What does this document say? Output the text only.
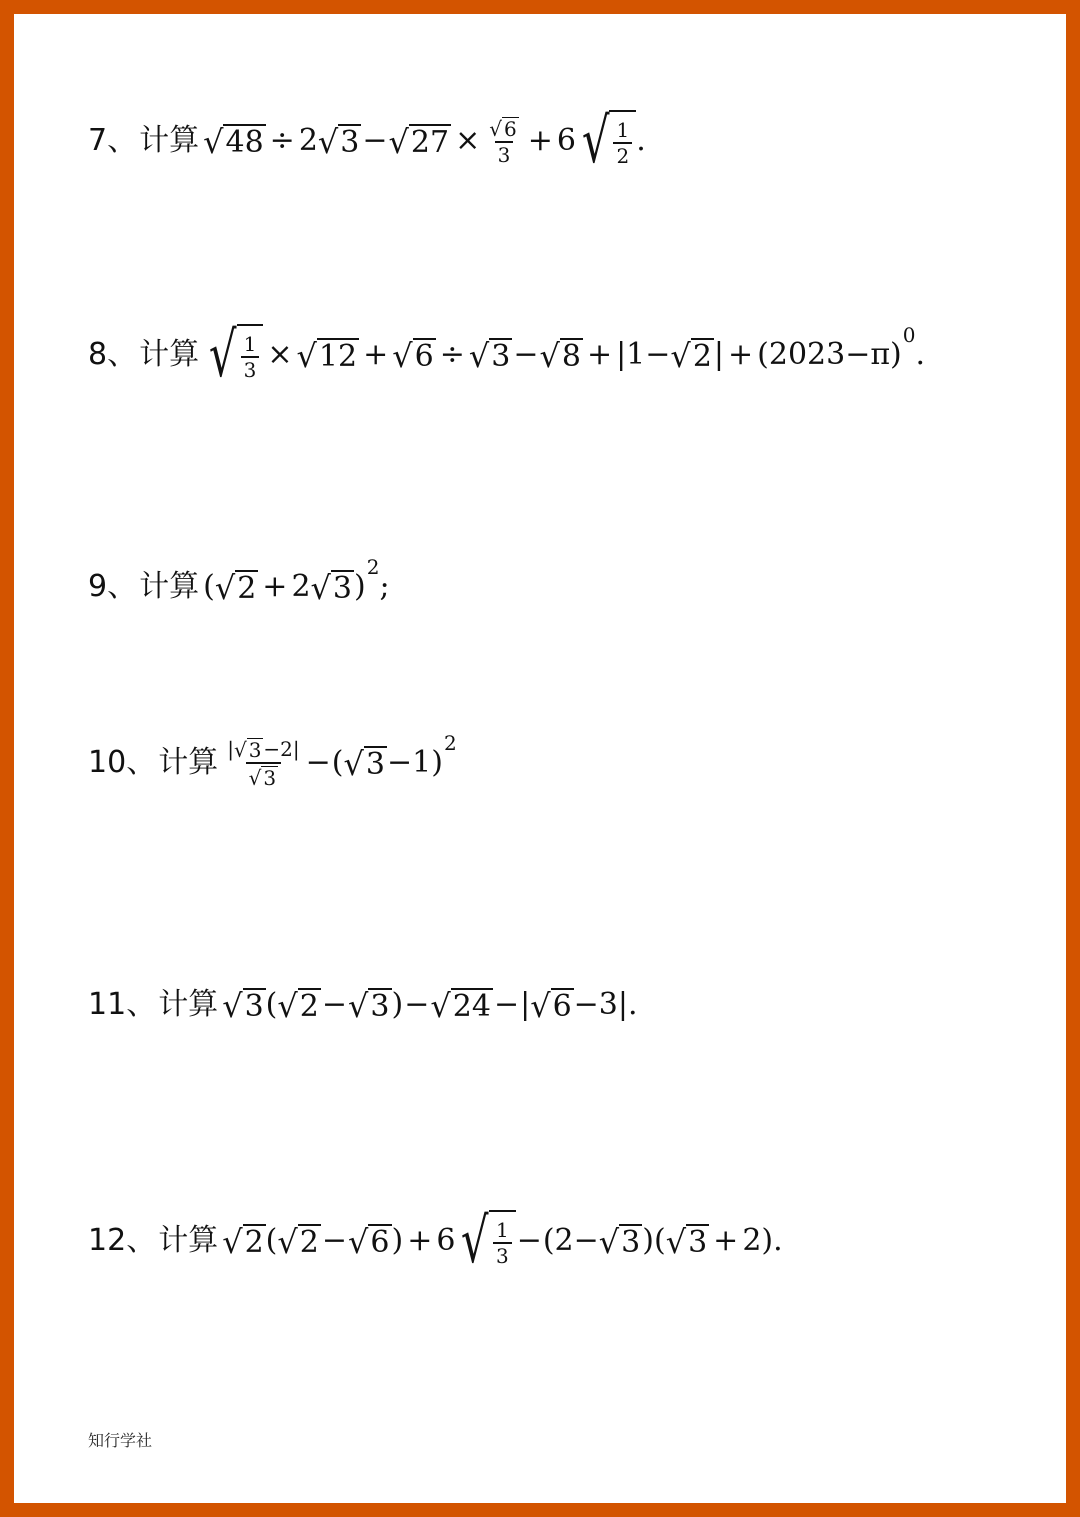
7 、 计算 √ 48 ÷ 2 √ 3 − √ $27 \times \frac{√ 6}{3} + 6$ √ $\frac{1}{2}$ .
8 、 计算 √ $\frac{1}{3}$ × √ 12 + √ 6 ÷ √ 3 − √ 8 + |1− √ 2 | + (2023−π)
0
.
9 、 计算 ( √ 2 + 2 √ 3 )
2
;
10 、 计算 $\frac{| √ 3 -2|}{√ 3}$ − ( √ 3 −1)
2
11 、 计算 √ 3 ( √ 2 − √ 3 ) − √ 24 − | √ 6 −3| .
12 、 计算 √ 2 ( √ 2 − √ 6 ) + 6 √ $\frac{1}{3} - (2-$ √ 3 )( √ 3 + 2) .
知行学社
